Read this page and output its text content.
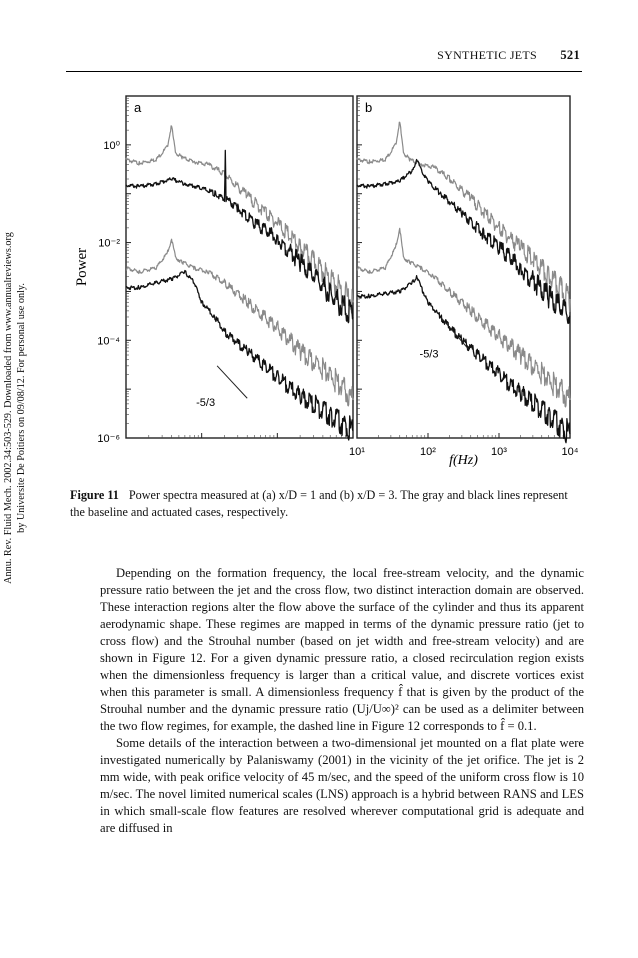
SYNTHETIC JETS 521
Annu. Rev. Fluid Mech. 2002.34:503-529. Downloaded from www.annualreviews.org by Universite De Poitiers on 09/08/12. For personal use only.
Power
a
-5/3
b
-5/3
10⁰
10⁻²
10⁻⁴
10⁻⁶
10¹	10²	10³	10⁴
f(Hz)
Figure 11 Power spectra measured at (a) x/D = 1 and (b) x/D = 3. The gray and black lines represent the baseline and actuated cases, respectively.

Depending on the formation frequency, the local free-stream velocity, and the dynamic pressure ratio between the jet and the cross flow, two distinct interaction domain are observed. These interaction regions alter the flow above the surface of the cylinder and thus its apparent aerodynamic shape. These regimes are mapped in terms of the dynamic pressure ratio (jet to cross flow) and the Strouhal number (based on jet width and free-stream velocity) and are shown in Figure 12. For a given dynamic pressure ratio, a closed recirculation region exists when the dimensionless frequency is larger than a critical value, and discrete vortices exist when this parameter is small. A dimensionless frequency f̂ that is given by the product of the Strouhal number and the dynamic pressure ratio (Uj/U∞)² can be used as a delimiter between the two flow regimes, for example, the dashed line in Figure 12 corresponds to f̂ = 0.1.

Some details of the interaction between a two-dimensional jet mounted on a flat plate were investigated numerically by Palaniswamy (2001) in the vicinity of the jet orifice. The jet is 2 mm wide, with peak orifice velocity of 45 m/sec, and the speed of the uniform cross flow is 10 m/sec. The novel limited numerical scales (LNS) approach is a hybrid between RANS and LES in which small-scale flow features are resolved wherever computational grid is adequate and are diffused in
